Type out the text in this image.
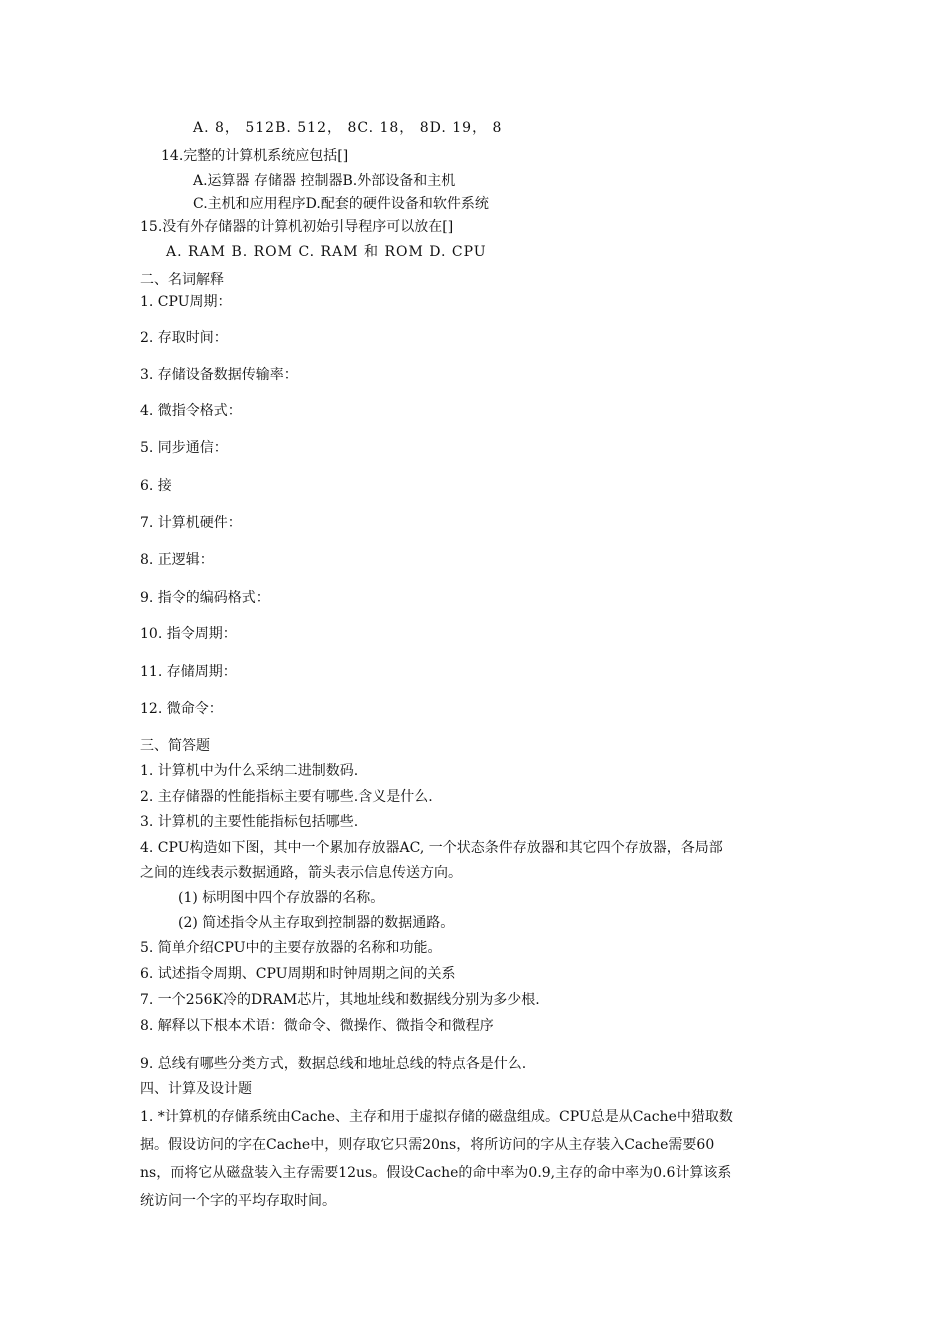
A. 8， 512B. 512， 8C. 18， 8D. 19， 8
14.完整的计算机系统应包括[]
A.运算器 存储器 控制器B.外部设备和主机
C.主机和应用程序D.配套的硬件设备和软件系统
15.没有外存储器的计算机初始引导程序可以放在[]
A. RAM B. ROM C. RAM 和 ROM D. CPU
二、名词解释
1. CPU周期：
2. 存取时间：
3. 存储设备数据传输率：
4. 微指令格式：
5. 同步通信：
6. 接
7. 计算机硬件：
8. 正逻辑：
9. 指令的编码格式：
10. 指令周期：
11. 存储周期：
12. 微命令：
三、简答题
1. 计算机中为什么采纳二进制数码.
2. 主存储器的性能指标主要有哪些.含义是什么.
3. 计算机的主要性能指标包括哪些.
4. CPU构造如下图，其中一个累加存放器AC, 一个状态条件存放器和其它四个存放器，各局部
之间的连线表示数据通路，箭头表示信息传送方向。
(1) 标明图中四个存放器的名称。
(2) 简述指令从主存取到控制器的数据通路。
5. 简单介绍CPU中的主要存放器的名称和功能。
6. 试述指令周期、CPU周期和时钟周期之间的关系
7. 一个256K冷的DRAM芯片，其地址线和数据线分别为多少根.
8. 解释以下根本术语：微命令、微操作、微指令和微程序
9. 总线有哪些分类方式，数据总线和地址总线的特点各是什么.
四、计算及设计题
1. *计算机的存储系统由Cache、主存和用于虚拟存储的磁盘组成。CPU总是从Cache中猎取数
据。假设访问的字在Cache中，则存取它只需20ns，将所访问的字从主存装入Cache需要60
ns，而将它从磁盘装入主存需要12us。假设Cache的命中率为0.9,主存的命中率为0.6计算该系
统访问一个字的平均存取时间。
